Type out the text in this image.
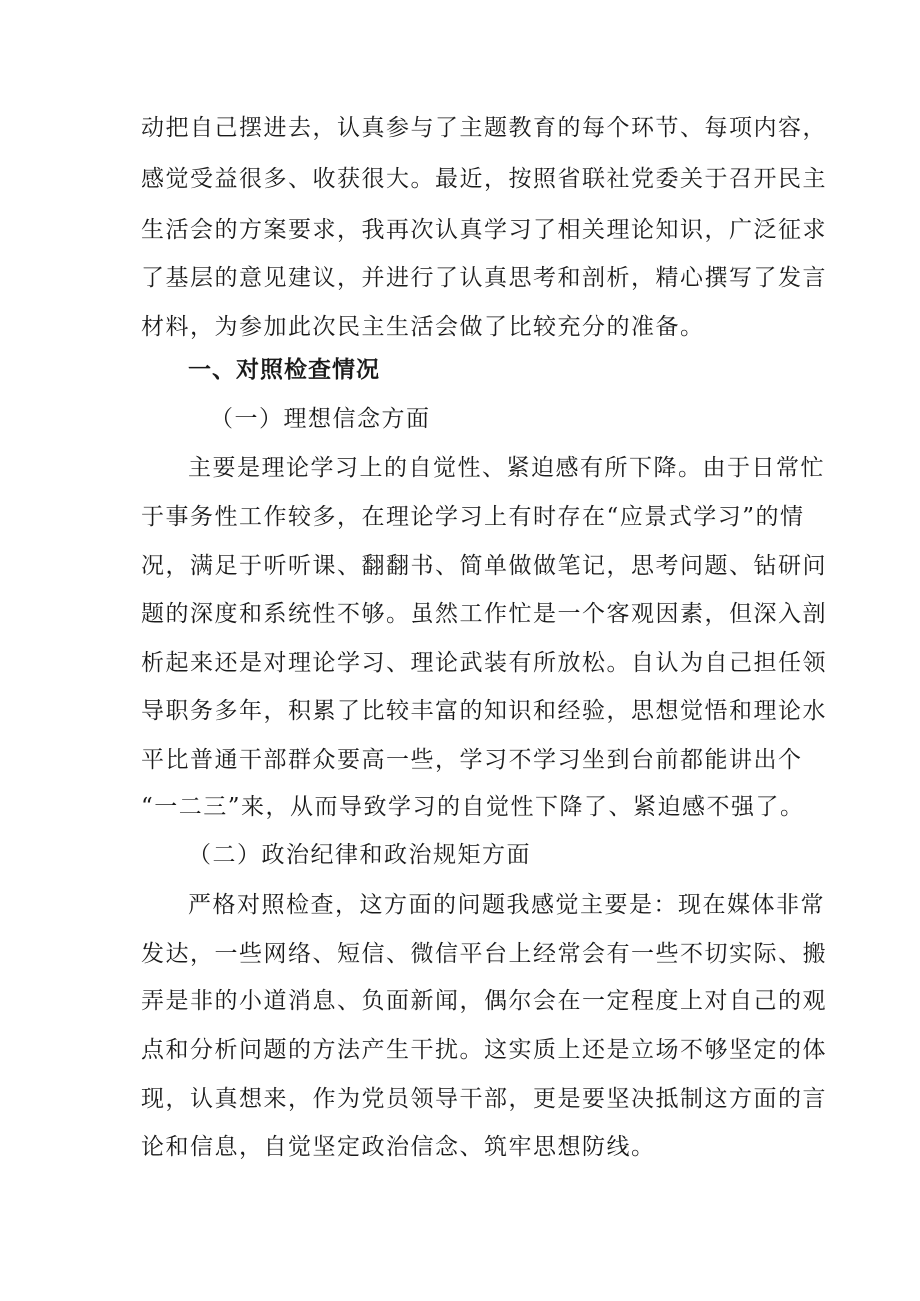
动把自己摆进去，认真参与了主题教育的每个环节、每项内容，
感觉受益很多、收获很大。最近，按照省联社党委关于召开民主
生活会的方案要求，我再次认真学习了相关理论知识，广泛征求
了基层的意见建议，并进行了认真思考和剖析，精心撰写了发言
材料，为参加此次民主生活会做了比较充分的准备。
一、对照检查情况
（一）理想信念方面
主要是理论学习上的自觉性、紧迫感有所下降。由于日常忙
于事务性工作较多，在理论学习上有时存在“应景式学习”的情
况，满足于听听课、翻翻书、简单做做笔记，思考问题、钻研问
题的深度和系统性不够。虽然工作忙是一个客观因素，但深入剖
析起来还是对理论学习、理论武装有所放松。自认为自己担任领
导职务多年，积累了比较丰富的知识和经验，思想觉悟和理论水
平比普通干部群众要高一些，学习不学习坐到台前都能讲出个
“一二三”来，从而导致学习的自觉性下降了、紧迫感不强了。
（二）政治纪律和政治规矩方面
严格对照检查，这方面的问题我感觉主要是：现在媒体非常
发达，一些网络、短信、微信平台上经常会有一些不切实际、搬
弄是非的小道消息、负面新闻，偶尔会在一定程度上对自己的观
点和分析问题的方法产生干扰。这实质上还是立场不够坚定的体
现，认真想来，作为党员领导干部，更是要坚决抵制这方面的言
论和信息，自觉坚定政治信念、筑牢思想防线。
